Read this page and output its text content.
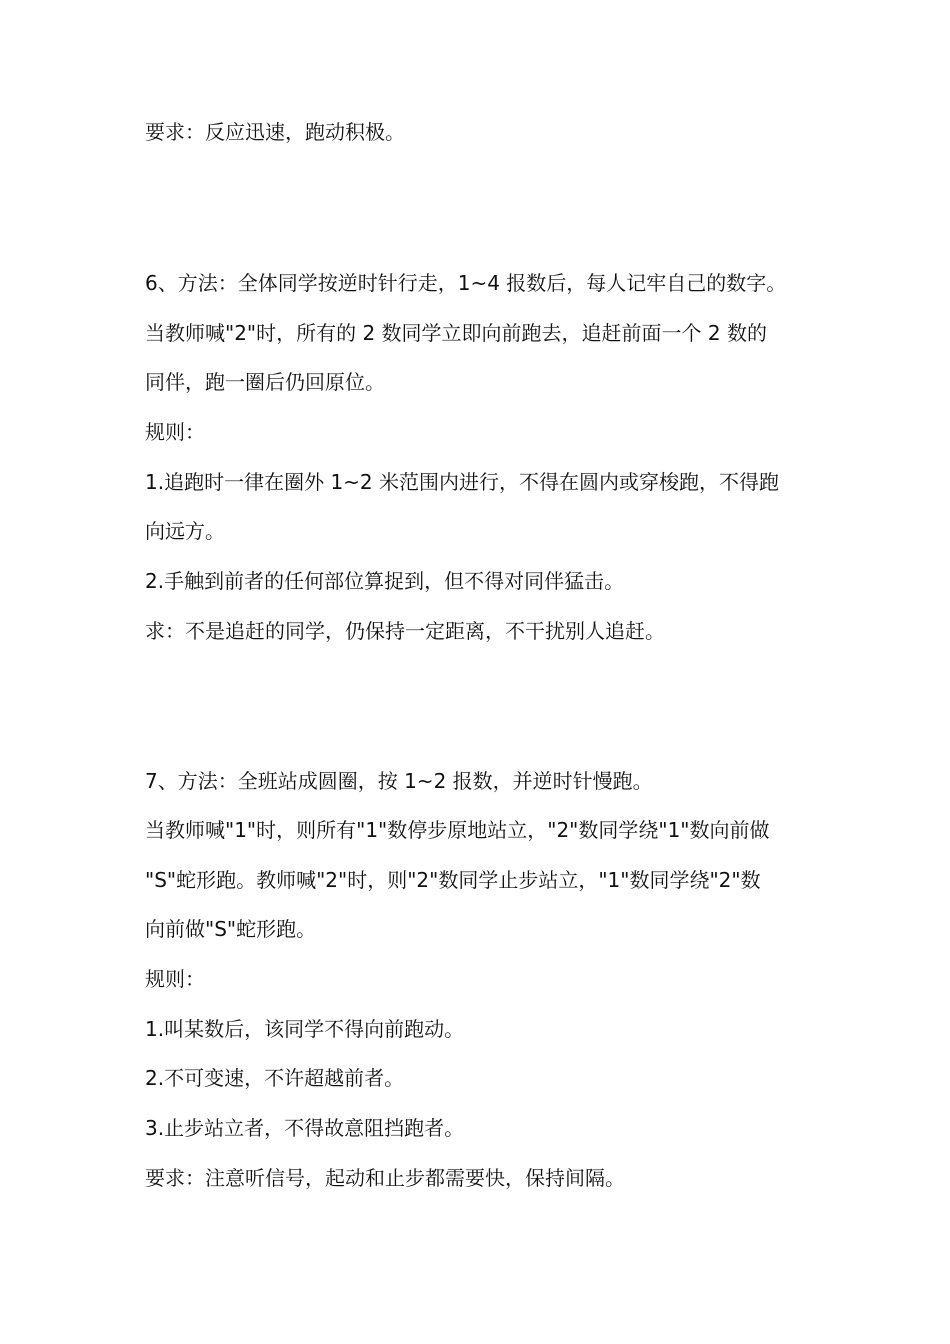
要求：反应迅速，跑动积极。
6、方法：全体同学按逆时针行走，1~4 报数后，每人记牢自己的数字。
当教师喊"2"时，所有的 2 数同学立即向前跑去，追赶前面一个 2 数的
同伴，跑一圈后仍回原位。
规则：
1.追跑时一律在圈外 1~2 米范围内进行，不得在圆内或穿梭跑，不得跑
向远方。
2.手触到前者的任何部位算捉到，但不得对同伴猛击。
求：不是追赶的同学，仍保持一定距离，不干扰别人追赶。
7、方法：全班站成圆圈，按 1~2 报数，并逆时针慢跑。
当教师喊"1"时，则所有"1"数停步原地站立，"2"数同学绕"1"数向前做
"S"蛇形跑。教师喊"2"时，则"2"数同学止步站立，"1"数同学绕"2"数
向前做"S"蛇形跑。
规则：
1.叫某数后，该同学不得向前跑动。
2.不可变速，不许超越前者。
3.止步站立者，不得故意阻挡跑者。
要求：注意听信号，起动和止步都需要快，保持间隔。
